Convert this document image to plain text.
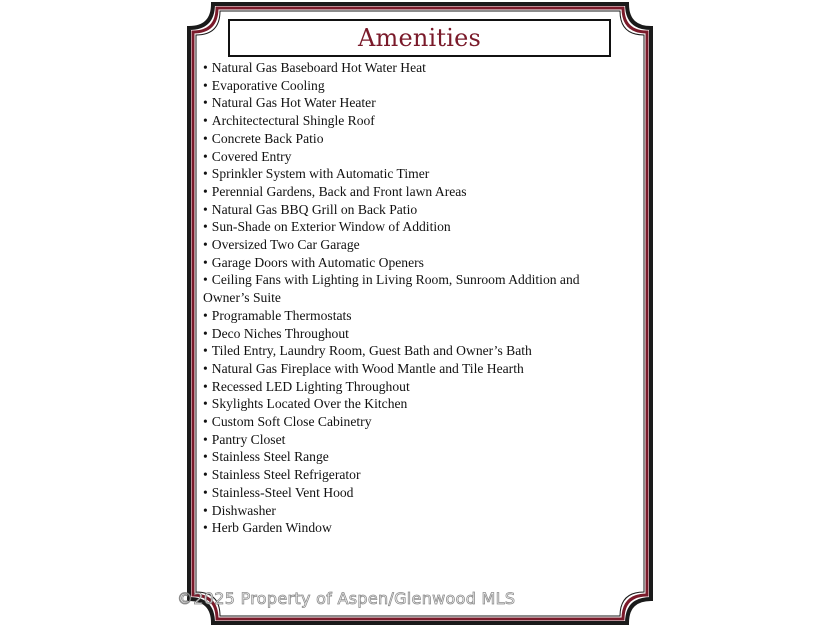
Amenities
• Natural Gas Baseboard Hot Water Heat
• Evaporative Cooling
• Natural Gas Hot Water Heater
• Architectectural Shingle Roof
• Concrete Back Patio
• Covered Entry
• Sprinkler System with Automatic Timer
• Perennial Gardens, Back and Front lawn Areas
• Natural Gas BBQ Grill on Back Patio
• Sun-Shade on Exterior Window of Addition
• Oversized Two Car Garage
• Garage Doors with Automatic Openers
• Ceiling Fans with Lighting in Living Room, Sunroom Addition and
Owner’s Suite
• Programable Thermostats
• Deco Niches Throughout
• Tiled Entry, Laundry Room, Guest Bath and Owner’s Bath
• Natural Gas Fireplace with Wood Mantle and Tile Hearth
• Recessed LED Lighting Throughout
• Skylights Located Over the Kitchen
• Custom Soft Close Cabinetry
• Pantry Closet
• Stainless Steel Range
• Stainless Steel Refrigerator
• Stainless-Steel Vent Hood
• Dishwasher
• Herb Garden Window
©2025 Property of Aspen/Glenwood MLS
